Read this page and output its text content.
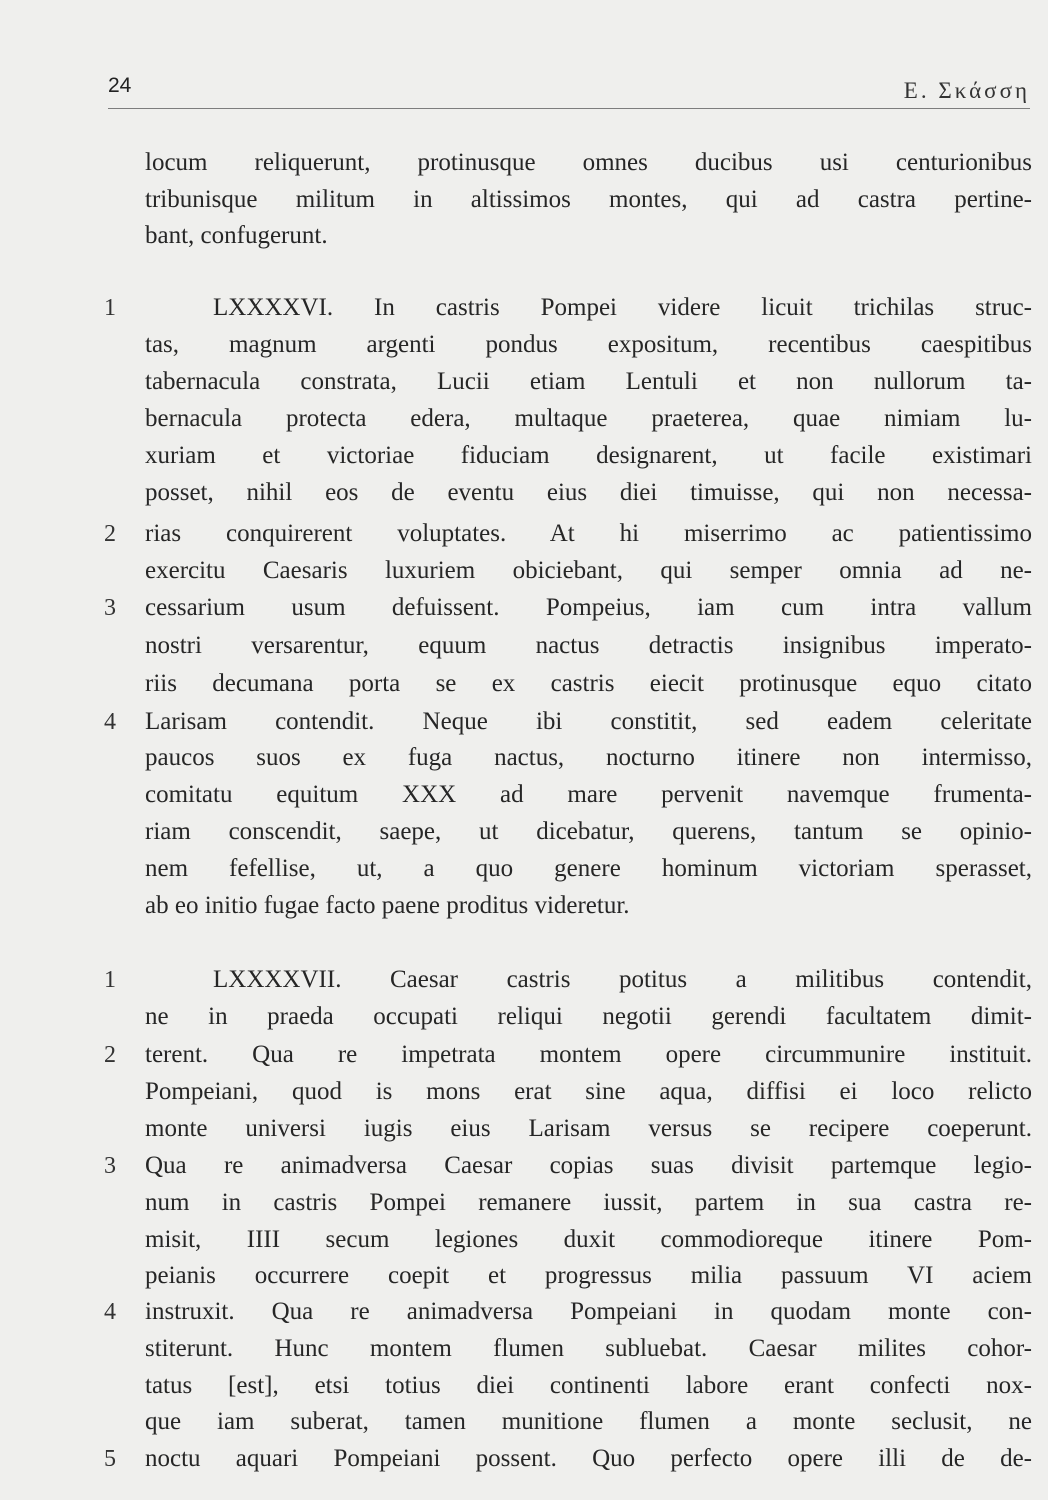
24	Ε. Σκάσση
1
2
3
4
1
2
3
4
5
locum reliquerunt, protinusque omnes ducibus usi centurionibus
tribunisque militum in altissimos montes, qui ad castra pertine-
bant, confugerunt.
LXXXXVI. In castris Pompei videre licuit trichilas struc-
tas, magnum argenti pondus expositum, recentibus caespitibus
tabernacula constrata, Lucii etiam Lentuli et non nullorum ta-
bernacula protecta edera, multaque praeterea, quae nimiam lu-
xuriam et victoriae fiduciam designarent, ut facile existimari
posset, nihil eos de eventu eius diei timuisse, qui non necessa-
rias conquirerent voluptates. At hi miserrimo ac patientissimo
exercitu Caesaris luxuriem obiciebant, qui semper omnia ad ne-
cessarium usum defuissent. Pompeius, iam cum intra vallum
nostri versarentur, equum nactus detractis insignibus imperato-
riis decumana porta se ex castris eiecit protinusque equo citato
Larisam contendit. Neque ibi constitit, sed eadem celeritate
paucos suos ex fuga nactus, nocturno itinere non intermisso,
comitatu equitum XXX ad mare pervenit navemque frumenta-
riam conscendit, saepe, ut dicebatur, querens, tantum se opinio-
nem fefellise, ut, a quo genere hominum victoriam sperasset,
ab eo initio fugae facto paene proditus videretur.
LXXXXVII. Caesar castris potitus a militibus contendit,
ne in praeda occupati reliqui negotii gerendi facultatem dimit-
terent. Qua re impetrata montem opere circummunire instituit.
Pompeiani, quod is mons erat sine aqua, diffisi ei loco relicto
monte universi iugis eius Larisam versus se recipere coeperunt.
Qua re animadversa Caesar copias suas divisit partemque legio-
num in castris Pompei remanere iussit, partem in sua castra re-
misit, IIII secum legiones duxit commodioreque itinere Pom-
peianis occurrere coepit et progressus milia passuum VI aciem
instruxit. Qua re animadversa Pompeiani in quodam monte con-
stiterunt. Hunc montem flumen subluebat. Caesar milites cohor-
tatus [est], etsi totius diei continenti labore erant confecti nox-
que iam suberat, tamen munitione flumen a monte seclusit, ne
noctu aquari Pompeiani possent. Quo perfecto opere illi de de-
